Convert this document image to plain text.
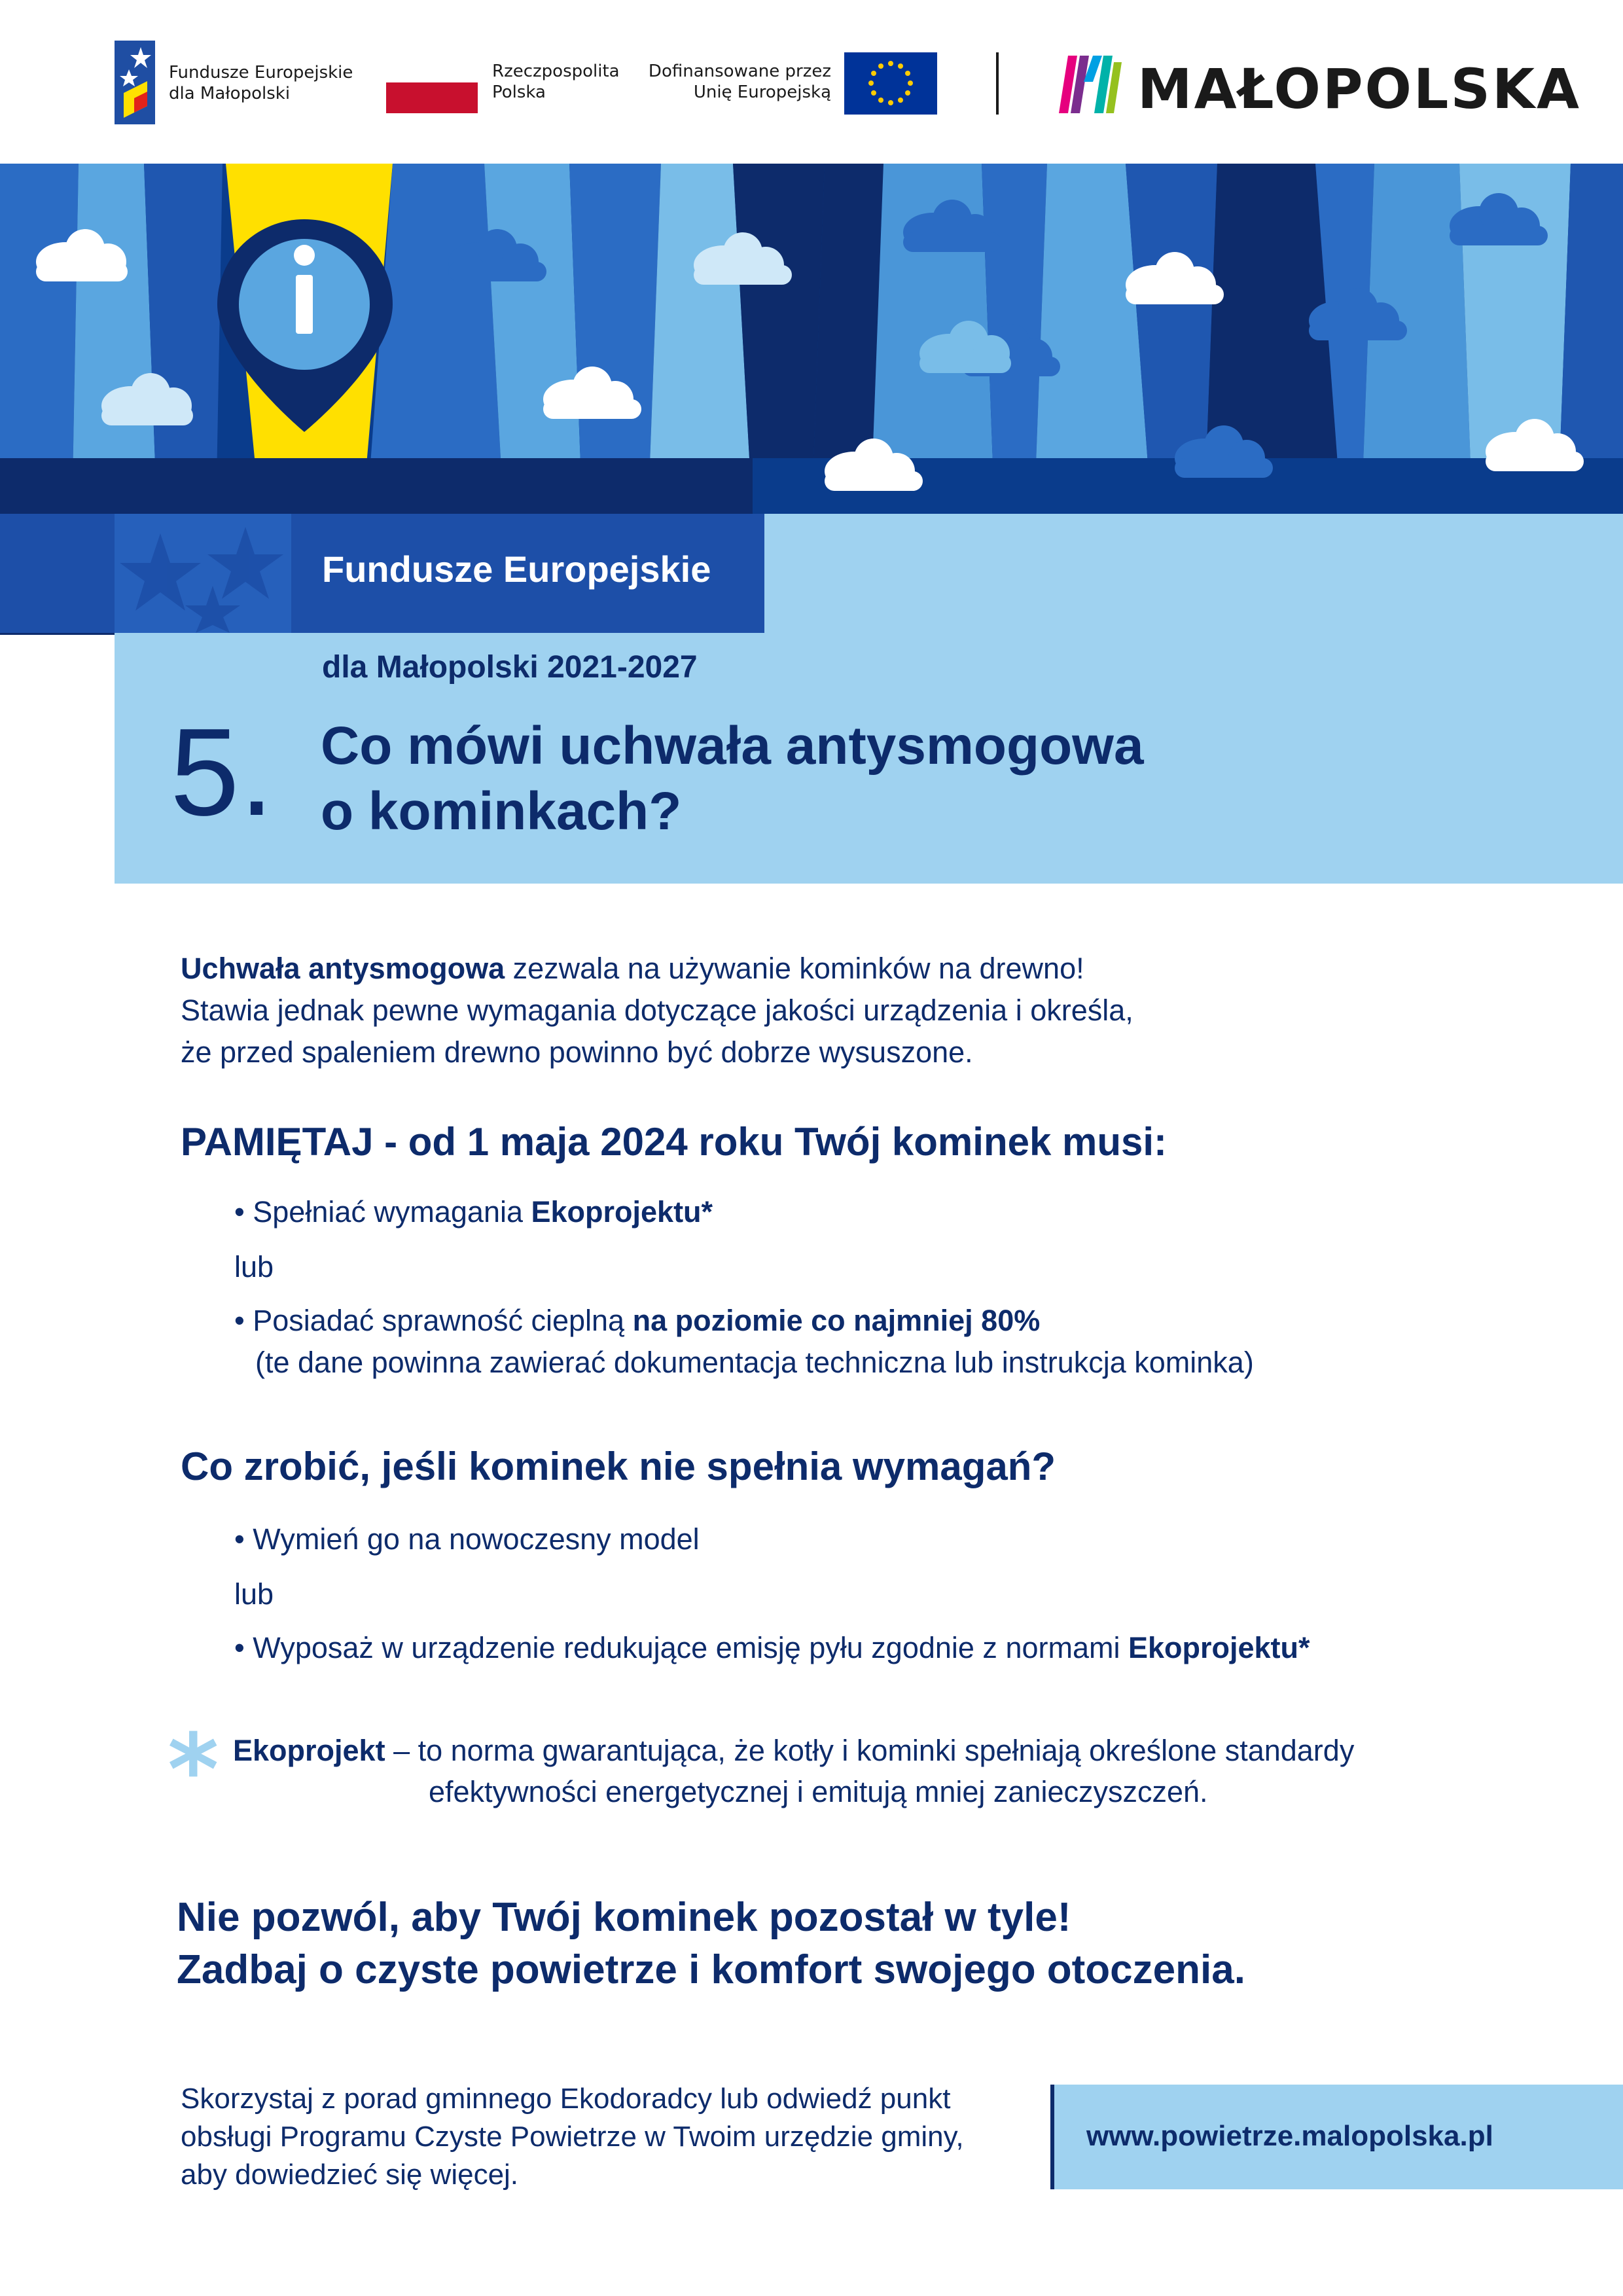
Fundusze Europejskie
dla Małopolski
Rzeczpospolita
Polska
Dofinansowane przez
Unię Europejską	MAŁOPOLSKA
Fundusze Europejskie
dla Małopolski 2021-2027
5. Co mówi uchwała antysmogowa
o kominkach?
Uchwała antysmogowa zezwala na używanie kominków na drewno!
Stawia jednak pewne wymagania dotyczące jakości urządzenia i określa,
że przed spaleniem drewno powinno być dobrze wysuszone.
PAMIĘTAJ - od 1 maja 2024 roku Twój kominek musi:
• Spełniać wymagania Ekoprojektu*
lub
• Posiadać sprawność cieplną na poziomie co najmniej 80%
(te dane powinna zawierać dokumentacja techniczna lub instrukcja kominka)
Co zrobić, jeśli kominek nie spełnia wymagań?
• Wymień go na nowoczesny model
lub
• Wyposaż w urządzenie redukujące emisję pyłu zgodnie z normami Ekoprojektu*
* Ekoprojekt – to norma gwarantująca, że kotły i kominki spełniają określone standardy
efektywności energetycznej i emitują mniej zanieczyszczeń.
Nie pozwól, aby Twój kominek pozostał w tyle!
Zadbaj o czyste powietrze i komfort swojego otoczenia.
Skorzystaj z porad gminnego Ekodoradcy lub odwiedź punkt
obsługi Programu Czyste Powietrze w Twoim urzędzie gminy,
aby dowiedzieć się więcej.
www.powietrze.malopolska.pl
